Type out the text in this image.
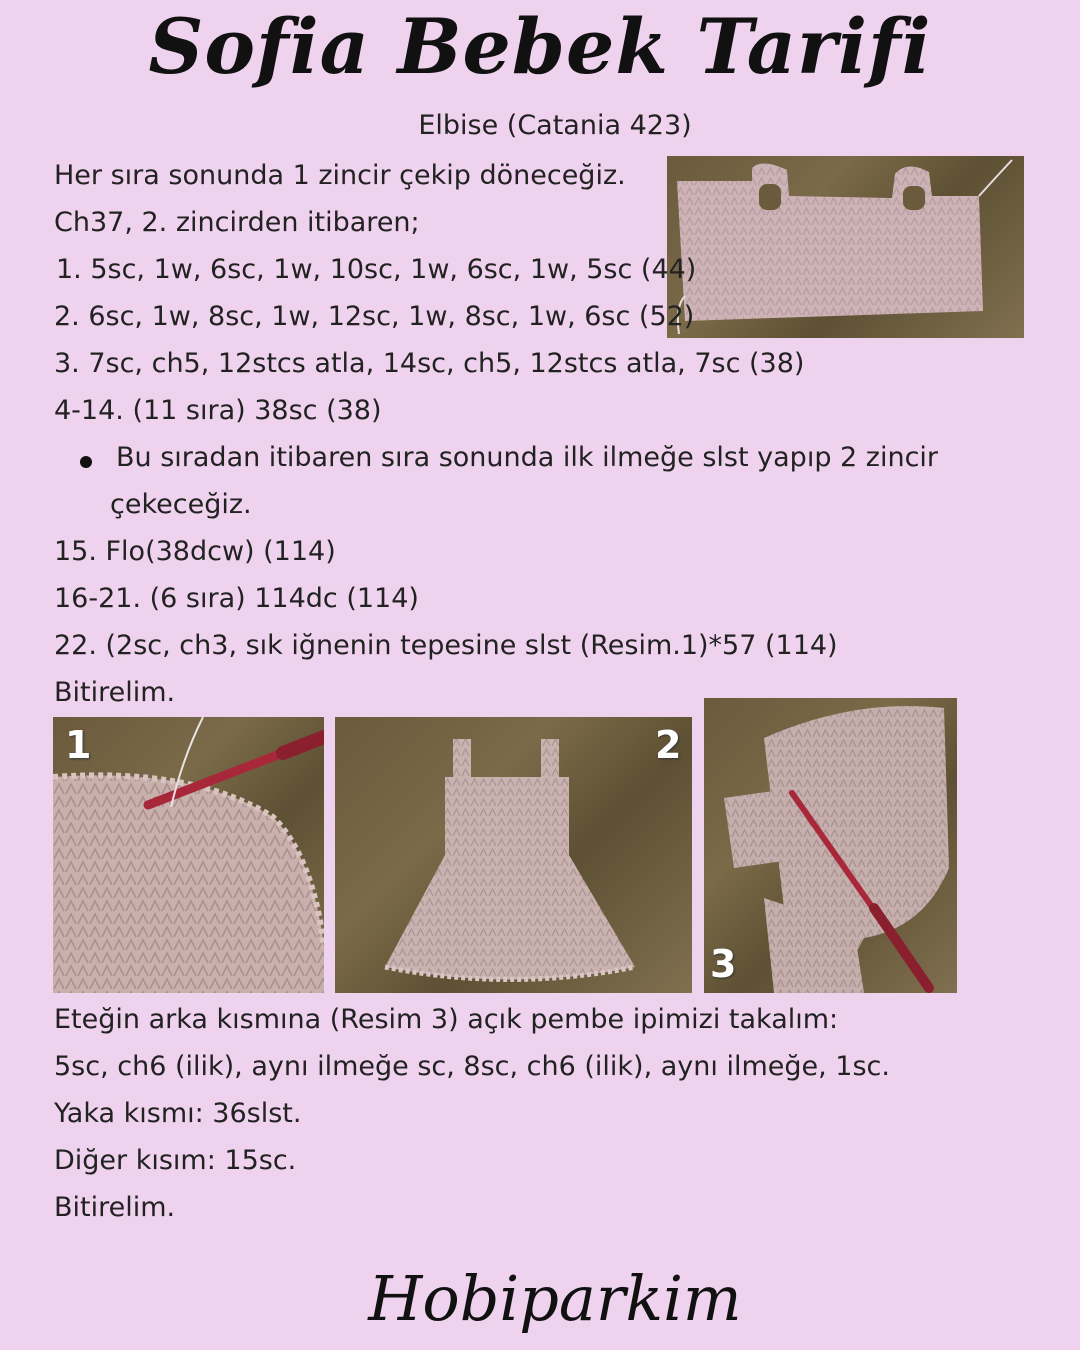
Sofia Bebek Tarifi
Elbise (Catania 423)
Her sıra sonunda 1 zincir çekip döneceğiz.
Ch37, 2. zincirden itibaren;
1. 5sc, 1w, 6sc, 1w, 10sc, 1w, 6sc, 1w, 5sc (44)
2. 6sc, 1w, 8sc, 1w, 12sc, 1w, 8sc, 1w, 6sc (52)
3. 7sc, ch5, 12stcs atla, 14sc, ch5, 12stcs atla, 7sc (38)
4-14. (11 sıra) 38sc (38)
Bu sıradan itibaren sıra sonunda ilk ilmeğe slst yapıp 2 zincir
çekeceğiz.
15. Flo(38dcw) (114)
16-21. (6 sıra) 114dc (114)
22. (2sc, ch3, sık iğnenin tepesine slst (Resim.1)*57 (114)
Bitirelim.
1	2
3
Eteğin arka kısmına (Resim 3) açık pembe ipimizi takalım:
5sc, ch6 (ilik), aynı ilmeğe sc, 8sc, ch6 (ilik), aynı ilmeğe, 1sc.
Yaka kısmı: 36slst.
Diğer kısım: 15sc.
Bitirelim.
Hobiparkim
